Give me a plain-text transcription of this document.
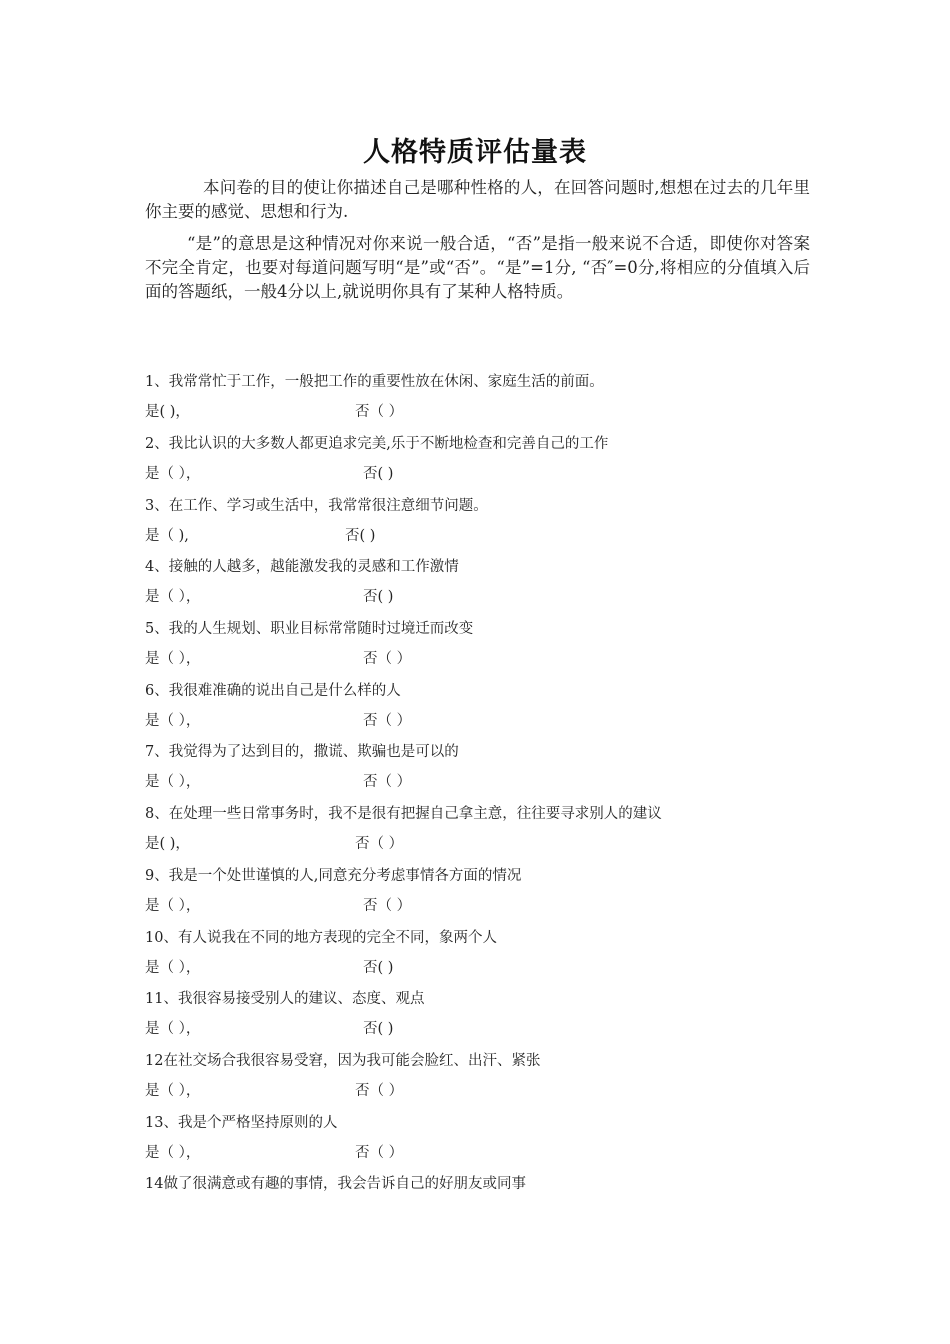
人格特质评估量表

本问卷的目的使让你描述自己是哪种性格的人，在回答问题时,想想在过去的几年里你主要的感觉、思想和行为.

“是”的意思是这种情况对你来说一般合适，“否”是指一般来说不合适，即使你对答案不完全肯定，也要对每道问题写明“是”或“否”。“是”=1分, “否″=0分,将相应的分值填入后面的答题纸，一般4分以上,就说明你具有了某种人格特质。

1、我常常忙于工作，一般把工作的重要性放在休闲、家庭生活的前面。
是( )，	否（ ）
2、我比认识的大多数人都更追求完美,乐于不断地检查和完善自己的工作
是（ ），	否( )
3、在工作、学习或生活中，我常常很注意细节问题。
是（ ),	否( )
4、接触的人越多，越能激发我的灵感和工作激情
是（ ），	否( )
5、我的人生规划、职业目标常常随时过境迁而改变
是（ ），	否（ ）
6、我很难准确的说出自己是什么样的人
是（ ），	否（ ）
7、我觉得为了达到目的，撒谎、欺骗也是可以的
是（ ），	否（ ）
8、在处理一些日常事务时，我不是很有把握自己拿主意，往往要寻求别人的建议
是( )，	否（ ）
9、我是一个处世谨慎的人,同意充分考虑事情各方面的情况
是（ ），	否（ ）
10、有人说我在不同的地方表现的完全不同，象两个人
是（ ），	否( )
11、我很容易接受别人的建议、态度、观点
是（ ），	否( )
12在社交场合我很容易受窘，因为我可能会脸红、出汗、紧张
是（ ），	否（ ）
13、我是个严格坚持原则的人
是（ ），	否（ ）
14做了很满意或有趣的事情，我会告诉自己的好朋友或同事
